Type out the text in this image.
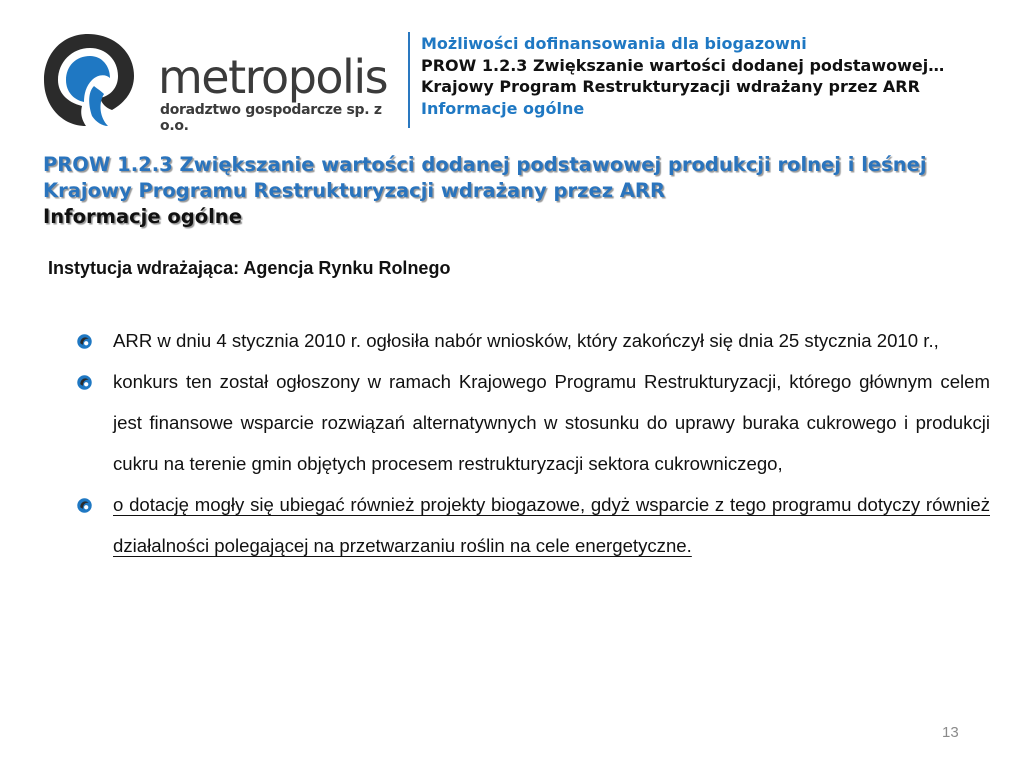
metropolis
doradztwo gospodarcze sp. z o.o.
Możliwości dofinansowania dla biogazowni
PROW 1.2.3 Zwiększanie wartości dodanej podstawowej…
Krajowy Program Restrukturyzacji wdrażany przez ARR
Informacje ogólne
PROW 1.2.3 Zwiększanie wartości dodanej podstawowej produkcji rolnej i leśnej
Krajowy Programu Restrukturyzacji wdrażany przez ARR
Informacje ogólne
Instytucja wdrażająca: Agencja Rynku Rolnego
ARR w dniu 4 stycznia 2010 r. ogłosiła nabór wniosków, który zakończył się dnia 25 stycznia 2010 r.,
konkurs ten został ogłoszony w ramach Krajowego Programu Restrukturyzacji, którego głównym celem jest finansowe wsparcie rozwiązań alternatywnych w stosunku do uprawy buraka cukrowego i produkcji cukru na terenie gmin objętych procesem restrukturyzacji sektora cukrowniczego,
o dotację mogły się ubiegać również projekty biogazowe, gdyż wsparcie z tego programu dotyczy również działalności polegającej na przetwarzaniu roślin na cele energetyczne.
13
